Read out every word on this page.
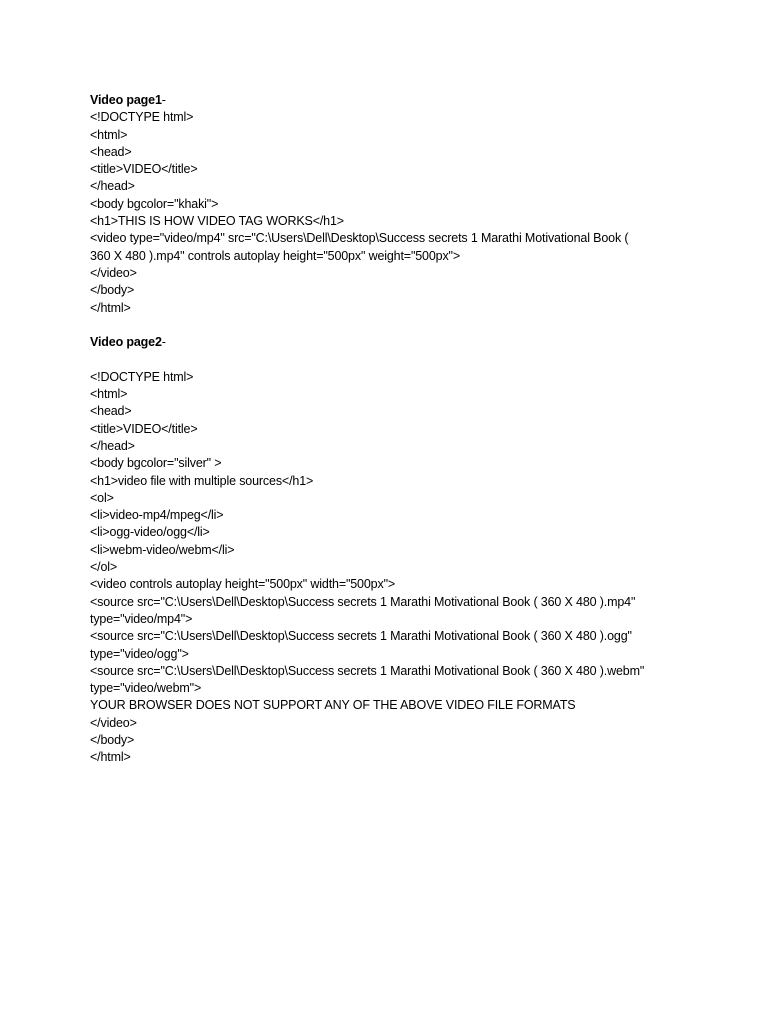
Video page1-
<!DOCTYPE html>
<html>
<head>
<title>VIDEO</title>
</head>
<body bgcolor="khaki">
<h1>THIS IS HOW VIDEO TAG WORKS</h1>
<video type="video/mp4" src="C:\Users\Dell\Desktop\Success secrets 1 Marathi Motivational Book (
360 X 480 ).mp4" controls autoplay height="500px" weight="500px">
</video>
</body>
</html>
Video page2-
<!DOCTYPE html>
<html>
<head>
<title>VIDEO</title>
</head>
<body bgcolor="silver" >
<h1>video file with multiple sources</h1>
<ol>
<li>video-mp4/mpeg</li>
<li>ogg-video/ogg</li>
<li>webm-video/webm</li>
</ol>
<video controls autoplay height="500px" width="500px">
<source src="C:\Users\Dell\Desktop\Success secrets 1 Marathi Motivational Book ( 360 X 480 ).mp4"
type="video/mp4">
<source src="C:\Users\Dell\Desktop\Success secrets 1 Marathi Motivational Book ( 360 X 480 ).ogg"
type="video/ogg">
<source src="C:\Users\Dell\Desktop\Success secrets 1 Marathi Motivational Book ( 360 X 480 ).webm"
type="video/webm">
YOUR BROWSER DOES NOT SUPPORT ANY OF THE ABOVE VIDEO FILE FORMATS
</video>
</body>
</html>
